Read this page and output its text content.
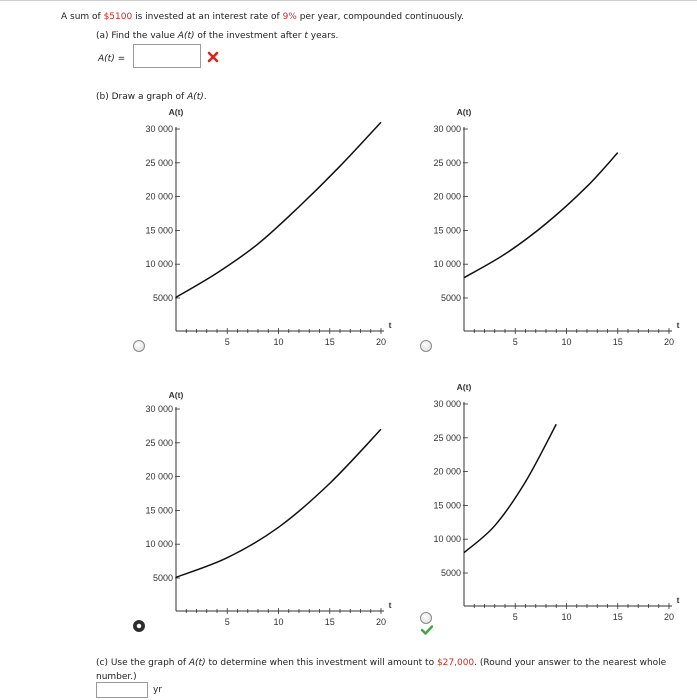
A sum of $5100 is invested at an interest rate of 9% per year, compounded continuously.
(a) Find the value A(t) of the investment after t years.
A(t) =
(b) Draw a graph of A(t).
5	10	15	20
t
5000
10 000
15 000
20 000
25 000
30 000
A(t)
5	10	15	20
t
5000
10 000
15 000
20 000
25 000
30 000
A(t)
5	10	15	20
t
5000
10 000
15 000
20 000
25 000
30 000
A(t)
5	10	15	20
t
5000
10 000
15 000
20 000
25 000
30 000
A(t)
(c) Use the graph of A(t) to determine when this investment will amount to $27,000. (Round your answer to the nearest whole number.)
yr
